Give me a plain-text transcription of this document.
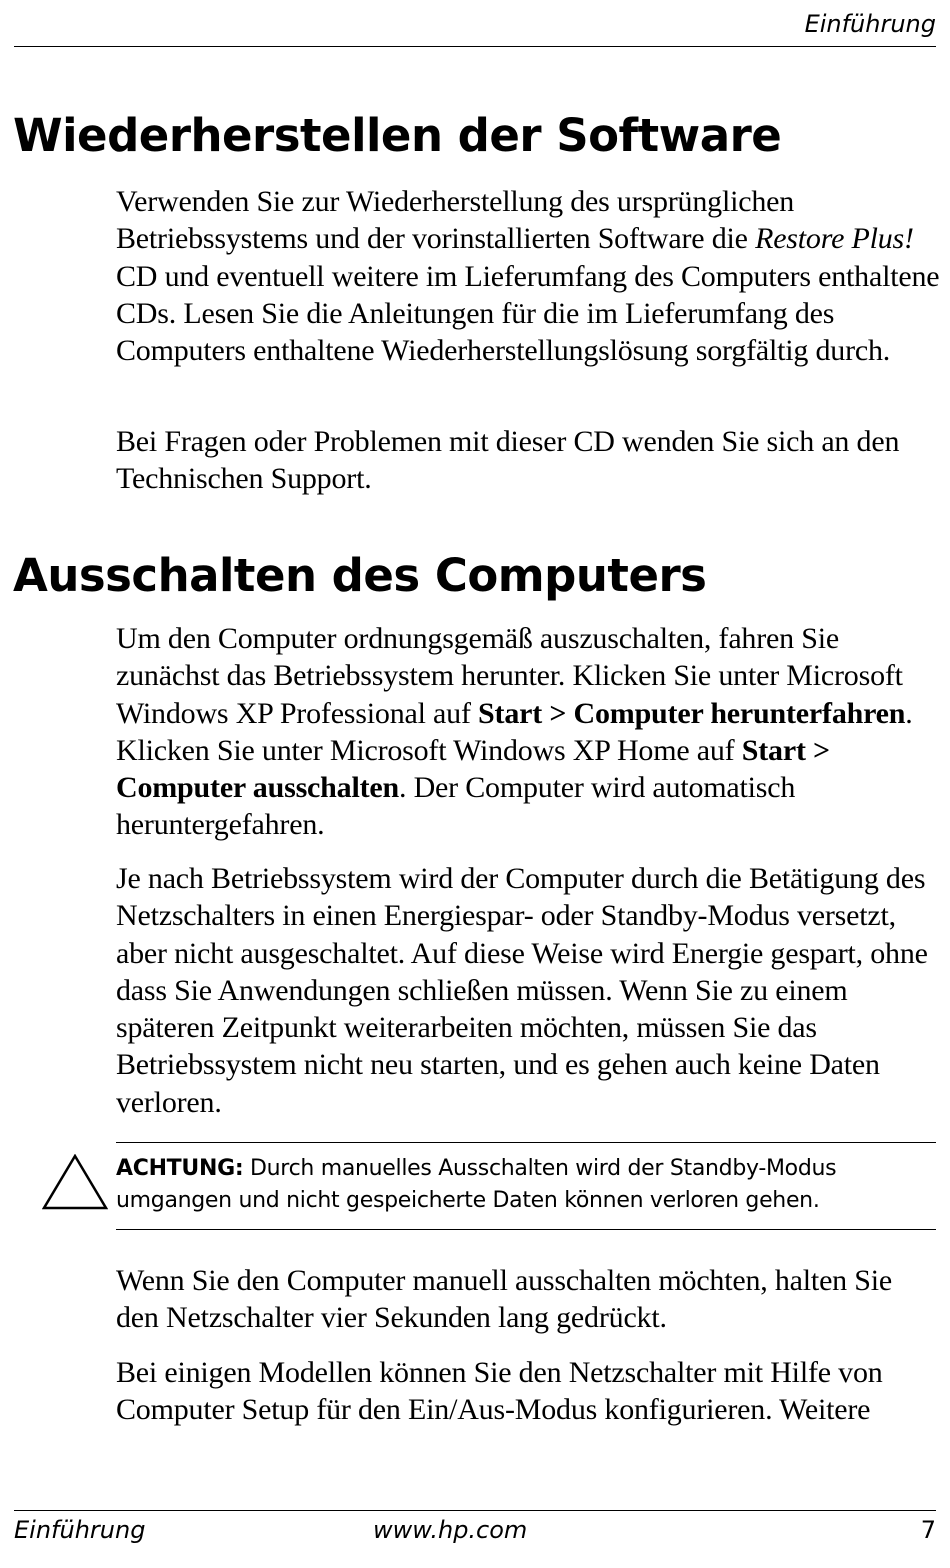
Einführung
Wiederherstellen der Software

Verwenden Sie zur Wiederherstellung des ursprünglichen Betriebssystems und der vorinstallierten Software die Restore Plus! CD und eventuell weitere im Lieferumfang des Computers enthaltene CDs. Lesen Sie die Anleitungen für die im Lieferumfang des Computers enthaltene Wiederherstellungslösung sorgfältig durch.

Bei Fragen oder Problemen mit dieser CD wenden Sie sich an den Technischen Support.

Ausschalten des Computers

Um den Computer ordnungsgemäß auszuschalten, fahren Sie zunächst das Betriebssystem herunter. Klicken Sie unter Microsoft Windows XP Professional auf Start > Computer herunterfahren. Klicken Sie unter Microsoft Windows XP Home auf Start > Computer ausschalten. Der Computer wird automatisch heruntergefahren.

Je nach Betriebssystem wird der Computer durch die Betätigung des Netzschalters in einen Energiespar- oder Standby-Modus versetzt, aber nicht ausgeschaltet. Auf diese Weise wird Energie gespart, ohne dass Sie Anwendungen schließen müssen. Wenn Sie zu einem späteren Zeitpunkt weiterarbeiten möchten, müssen Sie das Betriebssystem nicht neu starten, und es gehen auch keine Daten verloren.

ACHTUNG: Durch manuelles Ausschalten wird der Standby-Modus umgangen und nicht gespeicherte Daten können verloren gehen.

Wenn Sie den Computer manuell ausschalten möchten, halten Sie den Netzschalter vier Sekunden lang gedrückt.

Bei einigen Modellen können Sie den Netzschalter mit Hilfe von Computer Setup für den Ein/Aus-Modus konfigurieren. Weitere

Einführung	www.hp.com	7
